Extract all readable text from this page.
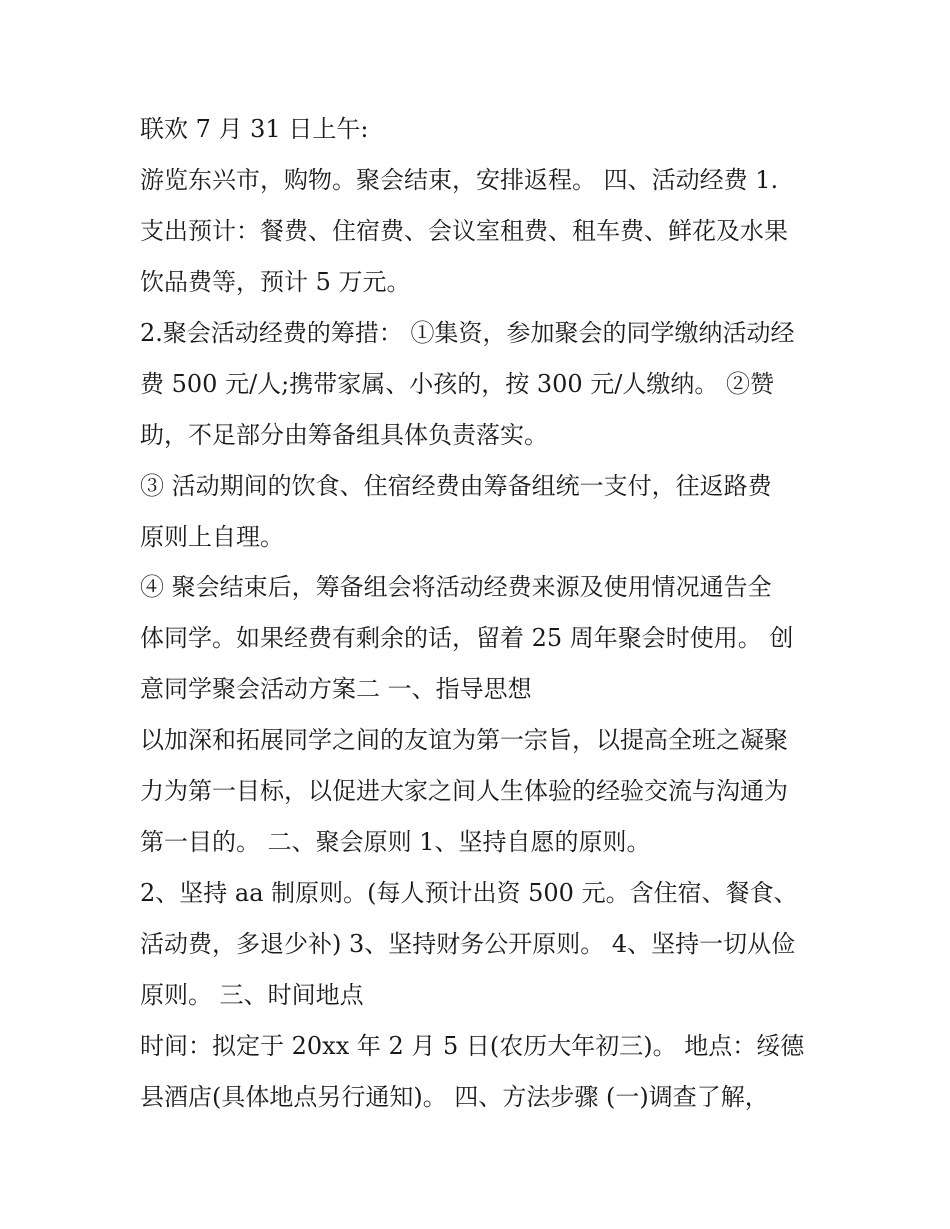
联欢 7 月 31 日上午:
游览东兴市，购物。聚会结束，安排返程。 四、活动经费 1.
支出预计：餐费、住宿费、会议室租费、租车费、鲜花及水果
饮品费等，预计 5 万元。
2.聚会活动经费的筹措： ①集资，参加聚会的同学缴纳活动经
费 500 元/人;携带家属、小孩的，按 300 元/人缴纳。 ②赞
助，不足部分由筹备组具体负责落实。
③ 活动期间的饮食、住宿经费由筹备组统一支付，往返路费
原则上自理。
④ 聚会结束后，筹备组会将活动经费来源及使用情况通告全
体同学。如果经费有剩余的话，留着 25 周年聚会时使用。 创
意同学聚会活动方案二 一、指导思想
以加深和拓展同学之间的友谊为第一宗旨，以提高全班之凝聚
力为第一目标，以促进大家之间人生体验的经验交流与沟通为
第一目的。 二、聚会原则 1、坚持自愿的原则。
2、坚持 aa 制原则。(每人预计出资 500 元。含住宿、餐食、
活动费，多退少补) 3、坚持财务公开原则。 4、坚持一切从俭
原则。 三、时间地点
时间：拟定于 20xx 年 2 月 5 日(农历大年初三)。 地点：绥德
县酒店(具体地点另行通知)。 四、方法步骤 (一)调查了解，
